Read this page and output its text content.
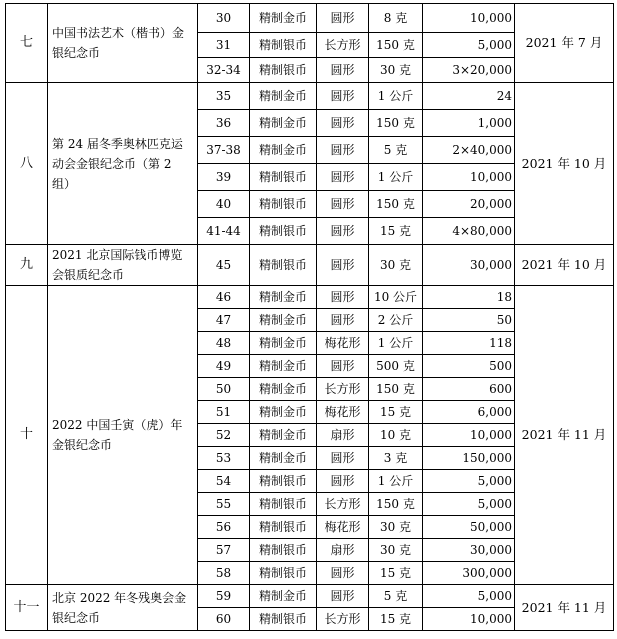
七	中国书法艺术（楷书）金银纪念币	30	精制金币	圆形	8 克	10,000	2021 年 7 月
		31	精制银币	长方形	150 克	5,000	
		32-34	精制银币	圆形	30 克	3×20,000	
八	第 24 届冬季奥林匹克运动会金银纪念币（第 2 组）	35	精制金币	圆形	1 公斤	24	2021 年 10 月
		36	精制金币	圆形	150 克	1,000	
		37-38	精制金币	圆形	5 克	2×40,000	
		39	精制银币	圆形	1 公斤	10,000	
		40	精制银币	圆形	150 克	20,000	
		41-44	精制银币	圆形	15 克	4×80,000	
九	2021 北京国际钱币博览会银质纪念币	45	精制银币	圆形	30 克	30,000	2021 年 10 月
十	2022 中国壬寅（虎）年金银纪念币	46	精制金币	圆形	10 公斤	18	2021 年 11 月
		47	精制金币	圆形	2 公斤	50	
		48	精制金币	梅花形	1 公斤	118	
		49	精制金币	圆形	500 克	500	
		50	精制金币	长方形	150 克	600	
		51	精制金币	梅花形	15 克	6,000	
		52	精制金币	扇形	10 克	10,000	
		53	精制金币	圆形	3 克	150,000	
		54	精制银币	圆形	1 公斤	5,000	
		55	精制银币	长方形	150 克	5,000	
		56	精制银币	梅花形	30 克	50,000	
		57	精制银币	扇形	30 克	30,000	
		58	精制银币	圆形	15 克	300,000	
十一	北京 2022 年冬残奥会金银纪念币	59	精制金币	圆形	5 克	5,000	2021 年 11 月
		60	精制银币	长方形	15 克	10,000	
